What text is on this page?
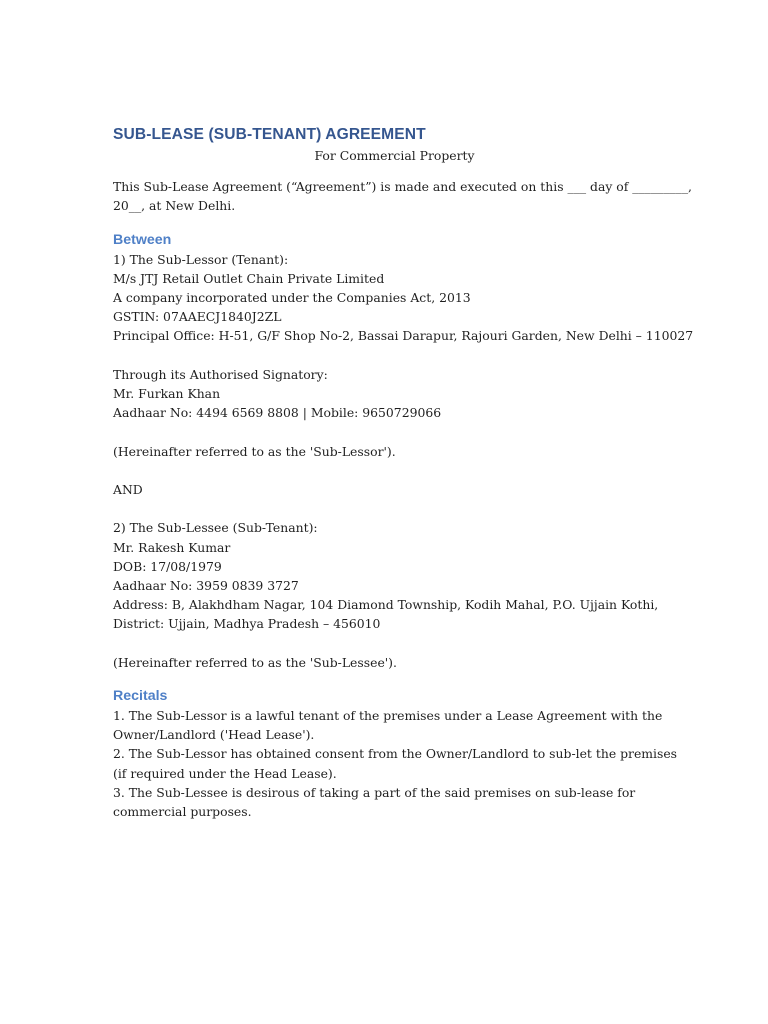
SUB-LEASE (SUB-TENANT) AGREEMENT

For Commercial Property

This Sub-Lease Agreement (“Agreement”) is made and executed on this ___ day of _________,

20__, at New Delhi.

Between

1) The Sub-Lessor (Tenant):

M/s JTJ Retail Outlet Chain Private Limited

A company incorporated under the Companies Act, 2013

GSTIN: 07AAECJ1840J2ZL

Principal Office: H-51, G/F Shop No-2, Bassai Darapur, Rajouri Garden, New Delhi – 110027

Through its Authorised Signatory:

Mr. Furkan Khan

Aadhaar No: 4494 6569 8808 | Mobile: 9650729066

(Hereinafter referred to as the 'Sub-Lessor').

AND

2) The Sub-Lessee (Sub-Tenant):

Mr. Rakesh Kumar

DOB: 17/08/1979

Aadhaar No: 3959 0839 3727

Address: B, Alakhdham Nagar, 104 Diamond Township, Kodih Mahal, P.O. Ujjain Kothi,

District: Ujjain, Madhya Pradesh – 456010

(Hereinafter referred to as the 'Sub-Lessee').

Recitals

1. The Sub-Lessor is a lawful tenant of the premises under a Lease Agreement with the

Owner/Landlord ('Head Lease').

2. The Sub-Lessor has obtained consent from the Owner/Landlord to sub-let the premises

(if required under the Head Lease).

3. The Sub-Lessee is desirous of taking a part of the said premises on sub-lease for

commercial purposes.
